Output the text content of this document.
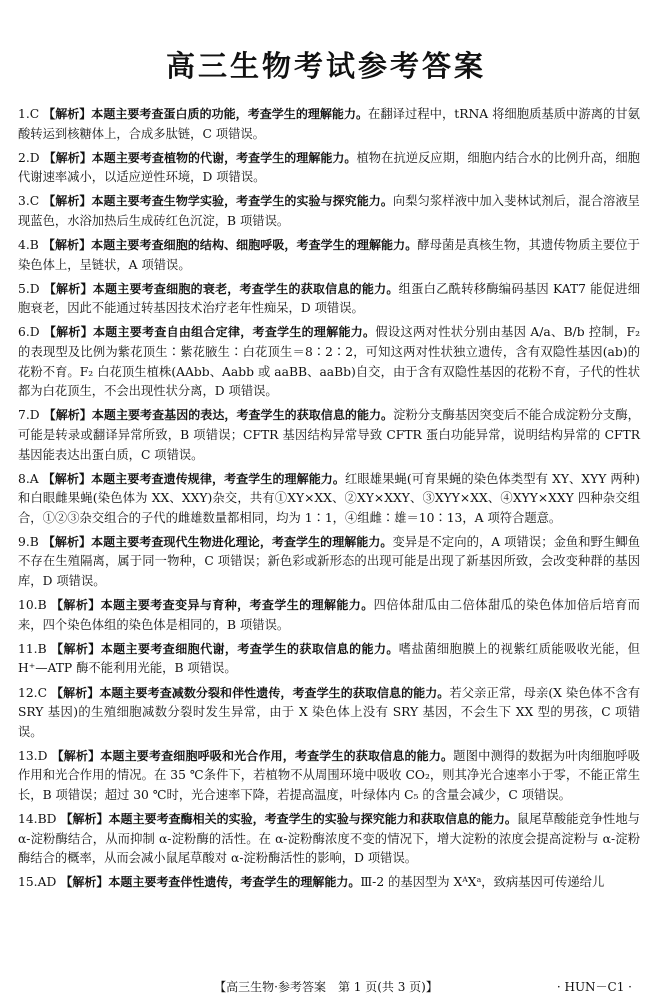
高三生物考试参考答案
1.C 【解析】本题主要考查蛋白质的功能，考查学生的理解能力。在翻译过程中，tRNA 将细胞质基质中游离的甘氨酸转运到核糖体上，合成多肽链，C 项错误。
2.D 【解析】本题主要考查植物的代谢，考查学生的理解能力。植物在抗逆反应期，细胞内结合水的比例升高，细胞代谢速率减小，以适应逆性环境，D 项错误。
3.C 【解析】本题主要考查生物学实验，考查学生的实验与探究能力。向梨匀浆样液中加入斐林试剂后，混合溶液呈现蓝色，水浴加热后生成砖红色沉淀，B 项错误。
4.B 【解析】本题主要考查细胞的结构、细胞呼吸，考查学生的理解能力。酵母菌是真核生物，其遗传物质主要位于染色体上，呈链状，A 项错误。
5.D 【解析】本题主要考查细胞的衰老，考查学生的获取信息的能力。组蛋白乙酰转移酶编码基因 KAT7 能促进细胞衰老，因此不能通过转基因技术治疗老年性痴呆，D 项错误。
6.D 【解析】本题主要考查自由组合定律，考查学生的理解能力。假设这两对性状分别由基因 A/a、B/b 控制，F₂ 的表现型及比例为紫花顶生∶紫花腋生∶白花顶生＝8∶2∶2，可知这两对性状独立遗传，含有双隐性基因(ab)的花粉不育。F₂ 白花顶生植株(AAbb、Aabb 或 aaBB、aaBb)自交，由于含有双隐性基因的花粉不育，子代的性状都为白花顶生，不会出现性状分离，D 项错误。
7.D 【解析】本题主要考查基因的表达，考查学生的获取信息的能力。淀粉分支酶基因突变后不能合成淀粉分支酶，可能是转录或翻译异常所致，B 项错误；CFTR 基因结构异常导致 CFTR 蛋白功能异常，说明结构异常的 CFTR 基因能表达出蛋白质，C 项错误。
8.A 【解析】本题主要考查遗传规律，考查学生的理解能力。红眼雄果蝇(可育果蝇的染色体类型有 XY、XYY 两种)和白眼雌果蝇(染色体为 XX、XXY)杂交，共有①XY×XX、②XY×XXY、③XYY×XX、④XYY×XXY 四种杂交组合，①②③杂交组合的子代的雌雄数量都相同，均为 1∶1，④组雌∶雄＝10∶13，A 项符合题意。
9.B 【解析】本题主要考查现代生物进化理论，考查学生的理解能力。变异是不定向的，A 项错误；金鱼和野生鲫鱼不存在生殖隔离，属于同一物种，C 项错误；新色彩或新形态的出现可能是出现了新基因所致，会改变种群的基因库，D 项错误。
10.B 【解析】本题主要考查变异与育种，考查学生的理解能力。四倍体甜瓜由二倍体甜瓜的染色体加倍后培育而来，四个染色体组的染色体是相同的，B 项错误。
11.B 【解析】本题主要考查细胞代谢，考查学生的获取信息的能力。嗜盐菌细胞膜上的视紫红质能吸收光能，但 H⁺—ATP 酶不能利用光能，B 项错误。
12.C 【解析】本题主要考查减数分裂和伴性遗传，考查学生的获取信息的能力。若父亲正常，母亲(X 染色体不含有 SRY 基因)的生殖细胞减数分裂时发生异常，由于 X 染色体上没有 SRY 基因，不会生下 XX 型的男孩，C 项错误。
13.D 【解析】本题主要考查细胞呼吸和光合作用，考查学生的获取信息的能力。题图中测得的数据为叶肉细胞呼吸作用和光合作用的情况。在 35 ℃条件下，若植物不从周围环境中吸收 CO₂，则其净光合速率小于零，不能正常生长，B 项错误；超过 30 ℃时，光合速率下降，若提高温度，叶绿体内 C₅ 的含量会减少，C 项错误。
14.BD 【解析】本题主要考查酶相关的实验，考查学生的实验与探究能力和获取信息的能力。鼠尾草酸能竞争性地与 α-淀粉酶结合，从而抑制 α-淀粉酶的活性。在 α-淀粉酶浓度不变的情况下，增大淀粉的浓度会提高淀粉与 α-淀粉酶结合的概率，从而会减小鼠尾草酸对 α-淀粉酶活性的影响，D 项错误。
15.AD 【解析】本题主要考查伴性遗传，考查学生的理解能力。Ⅲ-2 的基因型为 XᴬXᵃ，致病基因可传递给儿
【高三生物·参考答案　第 1 页(共 3 页)】	· HUN－C1 ·
